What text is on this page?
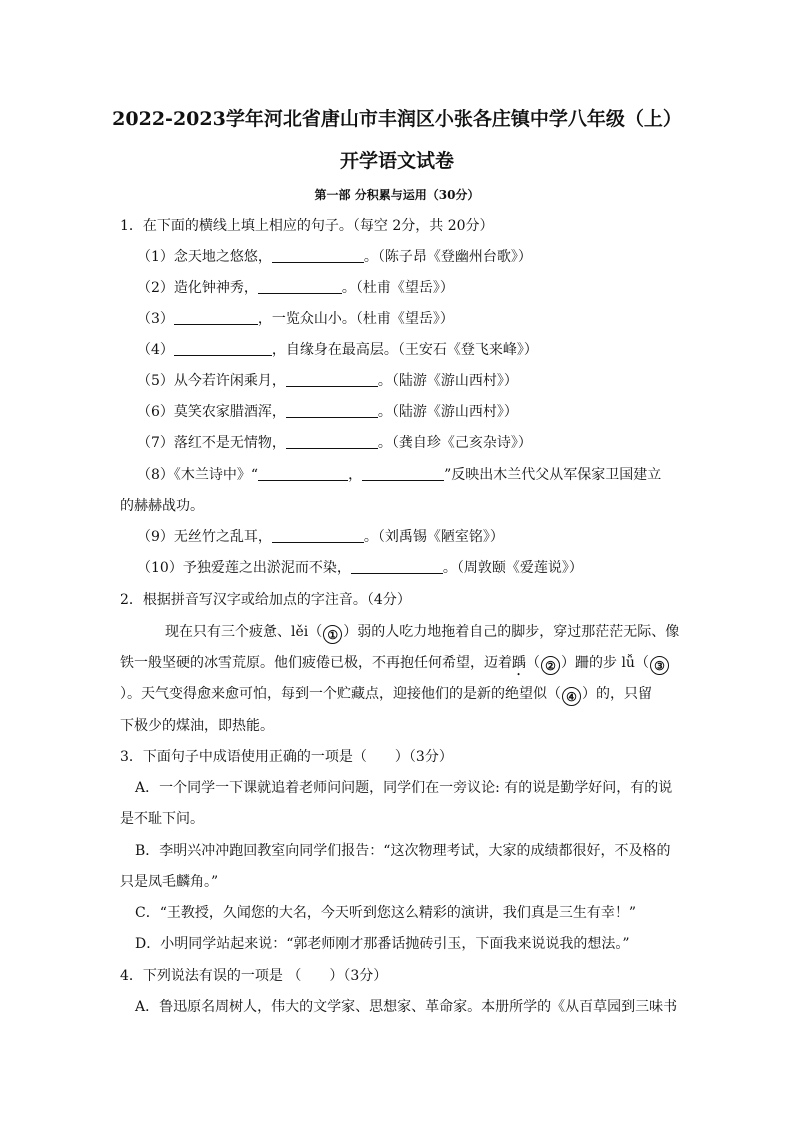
2022-2023学年河北省唐山市丰润区小张各庄镇中学八年级（上）
开学语文试卷
第一部 分积累与运用（30分）
1．在下面的横线上填上相应的句子。（每空 2分，共 20分）
（1）念天地之悠悠，	。（陈子昂《登幽州台歌》）
（2）造化钟神秀，	。（杜甫《望岳》）
（3）	，一览众山小。（杜甫《望岳》）
（4）	，自缘身在最高层。（王安石《登飞来峰》）
（5）从今若许闲乘月，	。（陆游《游山西村》）
（6）莫笑农家腊酒浑，	。（陆游《游山西村》）
（7）落红不是无情物，	。（龚自珍《己亥杂诗》）
（8）《木兰诗中》“	，	”反映出木兰代父从军保家卫国建立
的赫赫战功。
（9）无丝竹之乱耳，	。（刘禹锡《陋室铭》）
（10）予独爱莲之出淤泥而不染，	。（周敦颐《爱莲说》）
2．根据拼音写汉字或给加点的字注音。（4分）
现在只有三个疲惫、lěi（ ① ）弱的人吃力地拖着自己的脚步，穿过那茫茫无际、像
铁一般坚硬的冰雪荒原。他们疲倦已极，不再抱任何希望，迈着踽（ ② ）跚的步 lǚ（ ③
）。天气变得愈来愈可怕，每到一个贮藏点，迎接他们的是新的绝望似（ ④ ）的，只留
下极少的煤油，即热能。
3．下面句子中成语使用正确的一项是（　　）（3分）
A．一个同学一下课就追着老师问问题，同学们在一旁议论: 有的说是勤学好问，有的说
是不耻下问。
B．李明兴冲冲跑回教室向同学们报告：“这次物理考试，大家的成绩都很好，不及格的
只是凤毛麟角。”
C．“王教授，久闻您的大名，今天听到您这么精彩的演讲，我们真是三生有幸！”
D．小明同学站起来说：“郭老师刚才那番话抛砖引玉，下面我来说说我的想法。”
4．下列说法有误的一项是 （　　）（3分）
A．鲁迅原名周树人，伟大的文学家、思想家、革命家。本册所学的《从百草园到三味书
